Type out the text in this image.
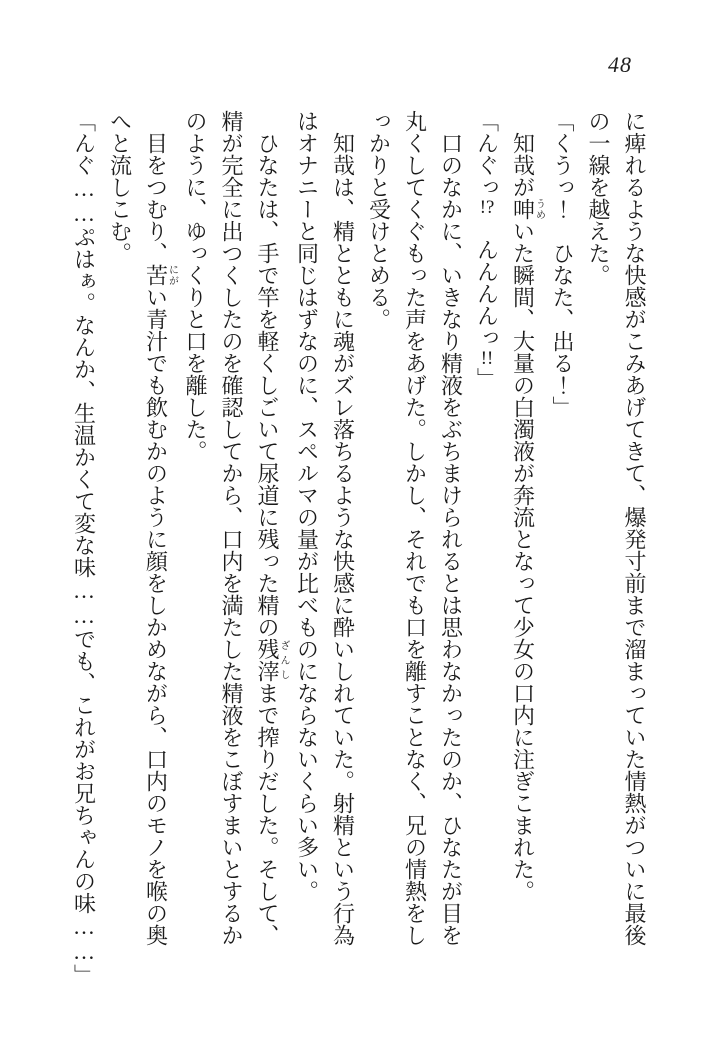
48
に痺れるような快感がこみあげてきて、爆発寸前まで溜まっていた情熱がついに最後
の一線を越えた。
「くうっ！　ひなた、出る！」
知哉が呻うめいた瞬間、大量の白濁液が奔流となって少女の口内に注ぎこまれた。
「んぐっ!?　んんんんっ!!」
口のなかに、いきなり精液をぶちまけられるとは思わなかったのか、ひなたが目を
丸くしてくぐもった声をあげた。しかし、それでも口を離すことなく、兄の情熱をし
っかりと受けとめる。
知哉は、精とともに魂がズレ落ちるような快感に酔いしれていた。射精という行為
はオナニーと同じはずなのに、スペルマの量が比べものにならないくらい多い。
ひなたは、手で竿を軽くしごいて尿道に残った精の残滓ざんしまで搾りだした。そして、
精が完全に出つくしたのを確認してから、口内を満たした精液をこぼすまいとするか
のように、ゆっくりと口を離した。
目をつむり、苦にがい青汁でも飲むかのように顔をしかめながら、口内のモノを喉の奥
へと流しこむ。
「んぐ……ぷはぁ。なんか、生温かくて変な味……でも、これがお兄ちゃんの味……」
